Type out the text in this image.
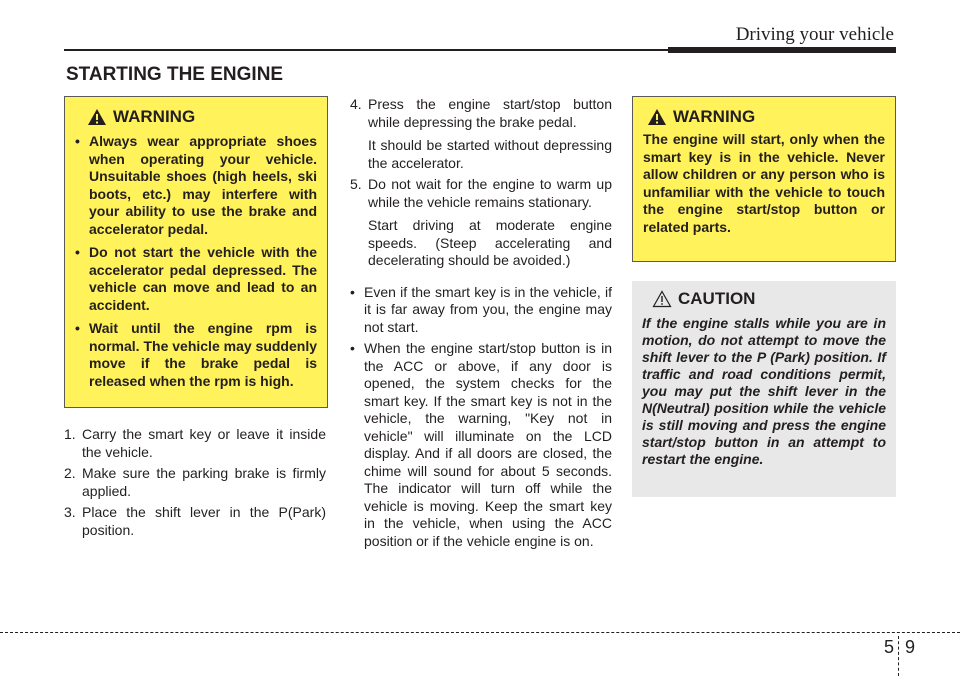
Driving your vehicle
STARTING THE ENGINE
WARNING
• Always wear appropriate shoes when operating your vehicle. Unsuitable shoes (high heels, ski boots, etc.) may interfere with your ability to use the brake and accelerator pedal.
• Do not start the vehicle with the accelerator pedal depressed. The vehicle can move and lead to an accident.
• Wait until the engine rpm is normal. The vehicle may suddenly move if the brake pedal is released when the rpm is high.
1. Carry the smart key or leave it inside the vehicle.
2. Make sure the parking brake is firmly applied.
3. Place the shift lever in the P(Park) position.
4. Press the engine start/stop button while depressing the brake pedal.
It should be started without depressing the accelerator.
5. Do not wait for the engine to warm up while the vehicle remains stationary.
Start driving at moderate engine speeds. (Steep accelerating and decelerating should be avoided.)
• Even if the smart key is in the vehicle, if it is far away from you, the engine may not start.
• When the engine start/stop button is in the ACC or above, if any door is opened, the system checks for the smart key. If the smart key is not in the vehicle, the warning, "Key not in vehicle" will illuminate on the LCD display. And if all doors are closed, the chime will sound for about 5 seconds. The indicator will turn off while the vehicle is moving. Keep the smart key in the vehicle, when using the ACC position or if the vehicle engine is on.
WARNING

The engine will start, only when the smart key is in the vehicle. Never allow children or any person who is unfamiliar with the vehicle to touch the engine start/stop button or related parts.

CAUTION

If the engine stalls while you are in motion, do not attempt to move the shift lever to the P (Park) position. If traffic and road conditions permit, you may put the shift lever in the N(Neutral) position while the vehicle is still moving and press the engine start/stop button in an attempt to restart the engine.

5 9
